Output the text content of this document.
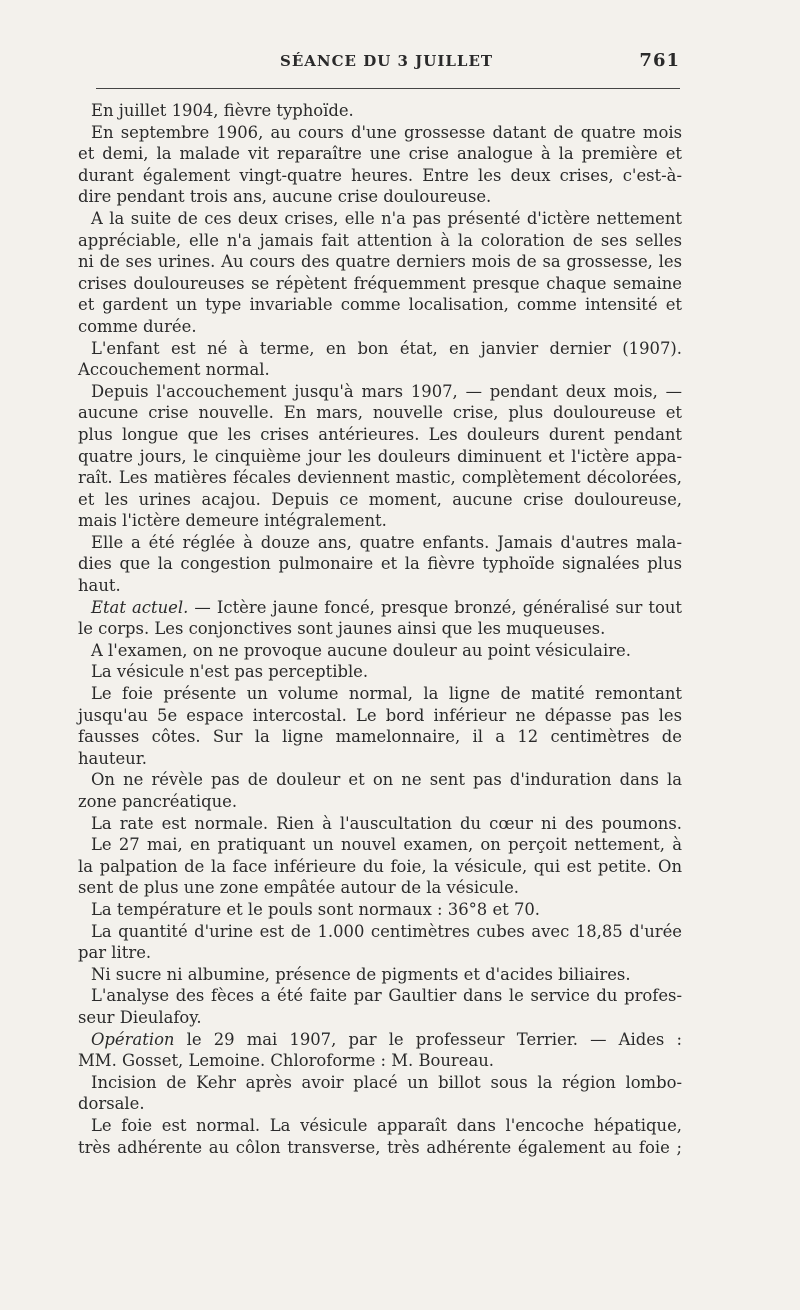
SÉANCE DU 3 JUILLET	761
En juillet 1904, fièvre typhoïde.
En septembre 1906, au cours d'une grossesse datant de quatre mois
et demi, la malade vit reparaître une crise analogue à la première et
durant également vingt-quatre heures. Entre les deux crises, c'est-à-
dire pendant trois ans, aucune crise douloureuse.
A la suite de ces deux crises, elle n'a pas présenté d'ictère nettement
appréciable, elle n'a jamais fait attention à la coloration de ses selles
ni de ses urines. Au cours des quatre derniers mois de sa grossesse, les
crises douloureuses se répètent fréquemment presque chaque semaine
et gardent un type invariable comme localisation, comme intensité et
comme durée.
L'enfant est né à terme, en bon état, en janvier dernier (1907).
Accouchement normal.
Depuis l'accouchement jusqu'à mars 1907, — pendant deux mois, —
aucune crise nouvelle. En mars, nouvelle crise, plus douloureuse et
plus longue que les crises antérieures. Les douleurs durent pendant
quatre jours, le cinquième jour les douleurs diminuent et l'ictère appa-
raît. Les matières fécales deviennent mastic, complètement décolorées,
et les urines acajou. Depuis ce moment, aucune crise douloureuse,
mais l'ictère demeure intégralement.
Elle a été réglée à douze ans, quatre enfants. Jamais d'autres mala-
dies que la congestion pulmonaire et la fièvre typhoïde signalées plus
haut.
Etat actuel. — Ictère jaune foncé, presque bronzé, généralisé sur tout
le corps. Les conjonctives sont jaunes ainsi que les muqueuses.
A l'examen, on ne provoque aucune douleur au point vésiculaire.
La vésicule n'est pas perceptible.
Le foie présente un volume normal, la ligne de matité remontant
jusqu'au 5e espace intercostal. Le bord inférieur ne dépasse pas les
fausses côtes. Sur la ligne mamelonnaire, il a 12 centimètres de hauteur.
On ne révèle pas de douleur et on ne sent pas d'induration dans la
zone pancréatique.
La rate est normale. Rien à l'auscultation du cœur ni des poumons.
Le 27 mai, en pratiquant un nouvel examen, on perçoit nettement, à
la palpation de la face inférieure du foie, la vésicule, qui est petite. On
sent de plus une zone empâtée autour de la vésicule.
La température et le pouls sont normaux : 36°8 et 70.
La quantité d'urine est de 1.000 centimètres cubes avec 18,85 d'urée
par litre.
Ni sucre ni albumine, présence de pigments et d'acides biliaires.
L'analyse des fèces a été faite par Gaultier dans le service du profes-
seur Dieulafoy.
Opération le 29 mai 1907, par le professeur Terrier. — Aides :
MM. Gosset, Lemoine. Chloroforme : M. Boureau.
Incision de Kehr après avoir placé un billot sous la région lombo-
dorsale.
Le foie est normal. La vésicule apparaît dans l'encoche hépatique,
très adhérente au côlon transverse, très adhérente également au foie ;
